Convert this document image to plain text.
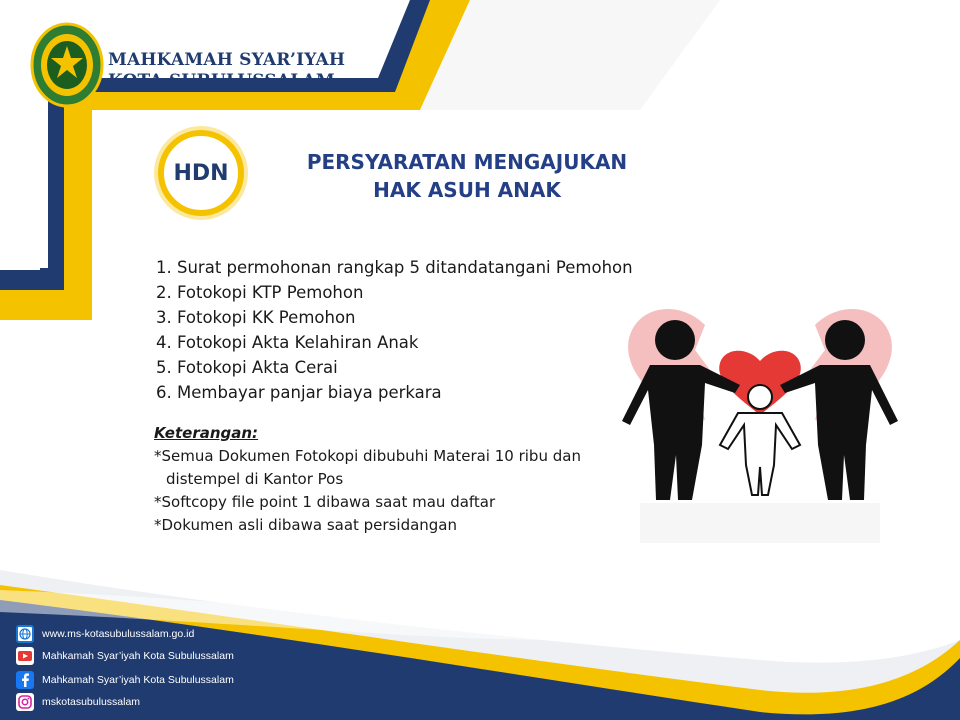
MAHKAMAH SYAR’IYAH
KOTA SUBULUSSALAM
HDN	PERSYARATAN MENGAJUKAN
HAK ASUH ANAK
1. Surat permohonan rangkap 5 ditandatangani Pemohon
2. Fotokopi KTP Pemohon
3. Fotokopi KK Pemohon
4. Fotokopi Akta Kelahiran Anak
5. Fotokopi Akta Cerai
6. Membayar panjar biaya perkara
Keterangan:
*Semua Dokumen Fotokopi dibubuhi Materai 10 ribu dan
distempel di Kantor Pos
*Softcopy file point 1 dibawa saat mau daftar
*Dokumen asli dibawa saat persidangan
www.ms-kotasubulussalam.go.id
Mahkamah Syar’iyah Kota Subulussalam
Mahkamah Syar’iyah Kota Subulussalam
mskotasubulussalam
